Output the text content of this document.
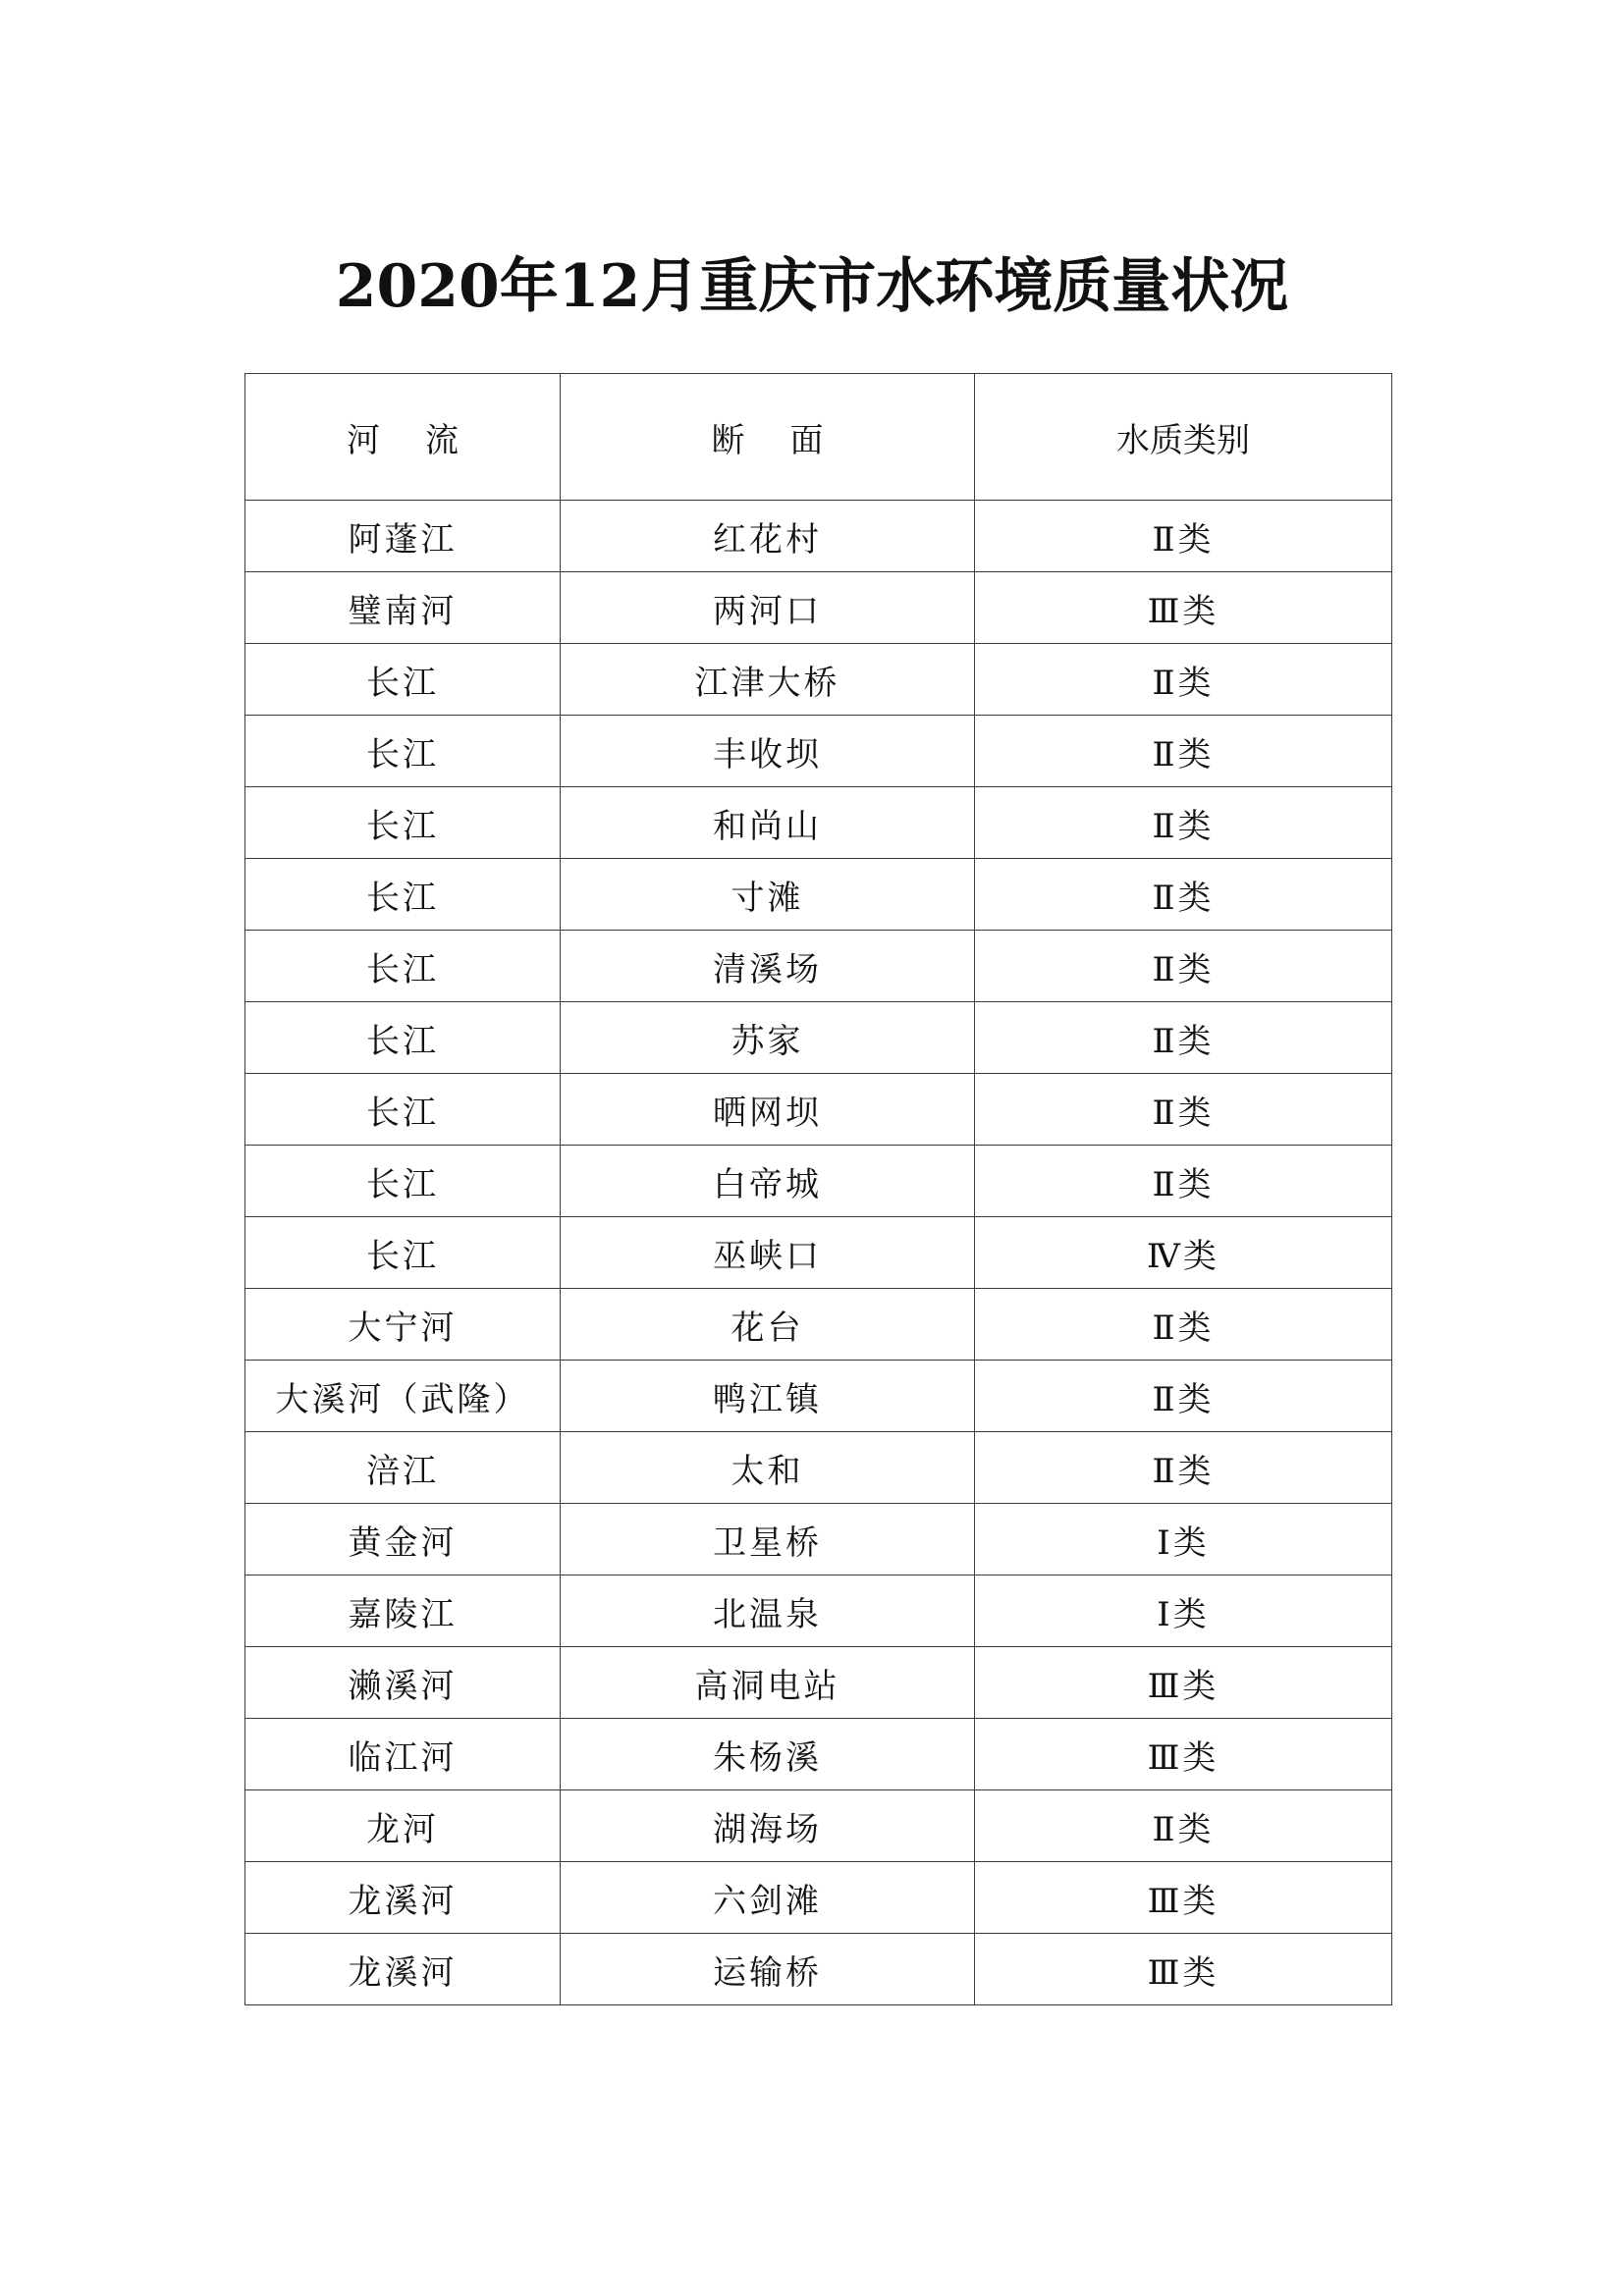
2020年12月重庆市水环境质量状况
河流	断面	水质类别
阿蓬江	红花村	Ⅱ类
璧南河	两河口	Ⅲ类
长江	江津大桥	Ⅱ类
长江	丰收坝	Ⅱ类
长江	和尚山	Ⅱ类
长江	寸滩	Ⅱ类
长江	清溪场	Ⅱ类
长江	苏家	Ⅱ类
长江	晒网坝	Ⅱ类
长江	白帝城	Ⅱ类
长江	巫峡口	Ⅳ类
大宁河	花台	Ⅱ类
大溪河（武隆）	鸭江镇	Ⅱ类
涪江	太和	Ⅱ类
黄金河	卫星桥	Ⅰ类
嘉陵江	北温泉	Ⅰ类
濑溪河	高洞电站	Ⅲ类
临江河	朱杨溪	Ⅲ类
龙河	湖海场	Ⅱ类
龙溪河	六剑滩	Ⅲ类
龙溪河	运输桥	Ⅲ类
